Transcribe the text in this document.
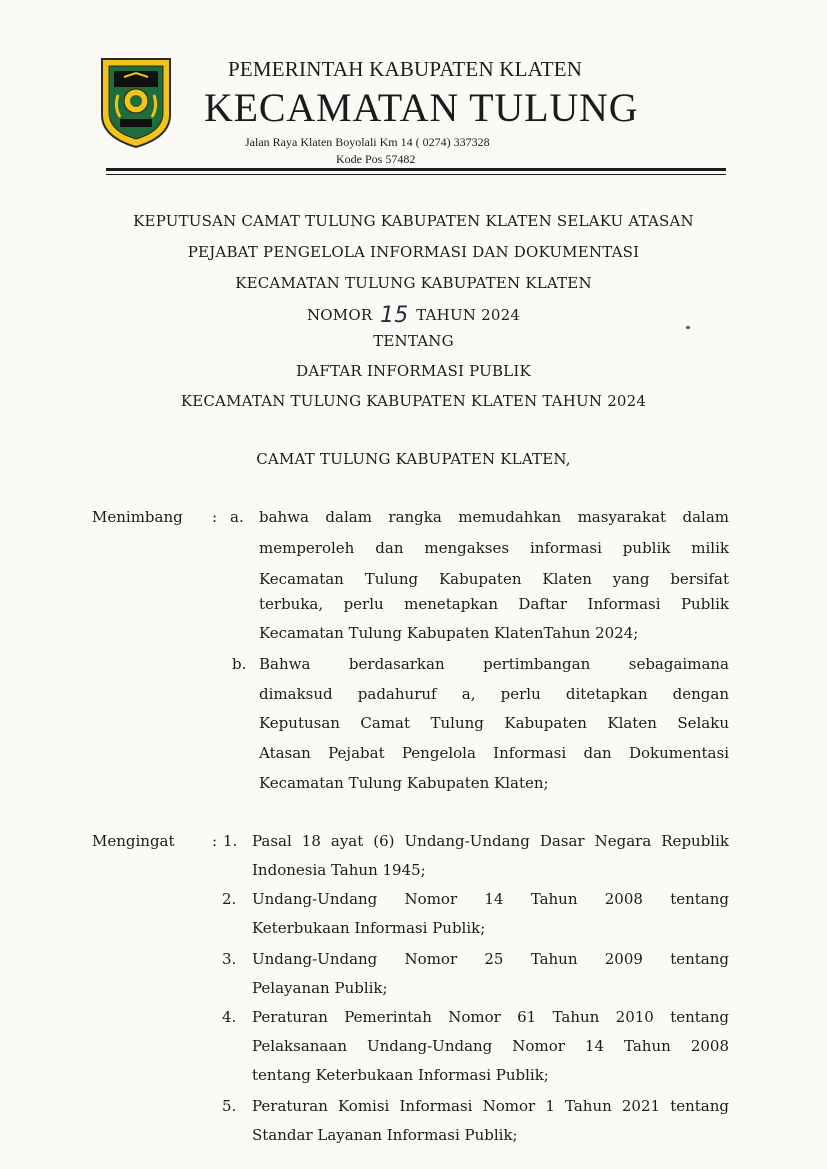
PEMERINTAH KABUPATEN KLATEN
KECAMATAN TULUNG
Jalan Raya Klaten Boyolali Km 14 ( 0274) 337328
Kode Pos 57482
KEPUTUSAN CAMAT TULUNG KABUPATEN KLATEN SELAKU ATASAN
PEJABAT PENGELOLA INFORMASI DAN DOKUMENTASI
KECAMATAN TULUNG KABUPATEN KLATEN
NOMOR 15 TAHUN 2024
TENTANG
DAFTAR INFORMASI PUBLIK
KECAMATAN TULUNG KABUPATEN KLATEN TAHUN 2024
CAMAT TULUNG KABUPATEN KLATEN,
Menimbang : a. bahwa dalam rangka memudahkan masyarakat dalam
memperoleh dan mengakses informasi publik milik
Kecamatan Tulung Kabupaten Klaten yang bersifat
terbuka, perlu menetapkan Daftar Informasi Publik
Kecamatan Tulung Kabupaten KlatenTahun 2024;
b. Bahwa berdasarkan pertimbangan sebagaimana
dimaksud padahuruf a, perlu ditetapkan dengan
Keputusan Camat Tulung Kabupaten Klaten Selaku
Atasan Pejabat Pengelola Informasi dan Dokumentasi
Kecamatan Tulung Kabupaten Klaten;
Mengingat : 1. Pasal 18 ayat (6) Undang-Undang Dasar Negara Republik
Indonesia Tahun 1945;
2. Undang-Undang Nomor 14 Tahun 2008 tentang
Keterbukaan Informasi Publik;
3. Undang-Undang Nomor 25 Tahun 2009 tentang
Pelayanan Publik;
4. Peraturan Pemerintah Nomor 61 Tahun 2010 tentang
Pelaksanaan Undang-Undang Nomor 14 Tahun 2008
tentang Keterbukaan Informasi Publik;
5. Peraturan Komisi Informasi Nomor 1 Tahun 2021 tentang
Standar Layanan Informasi Publik;
